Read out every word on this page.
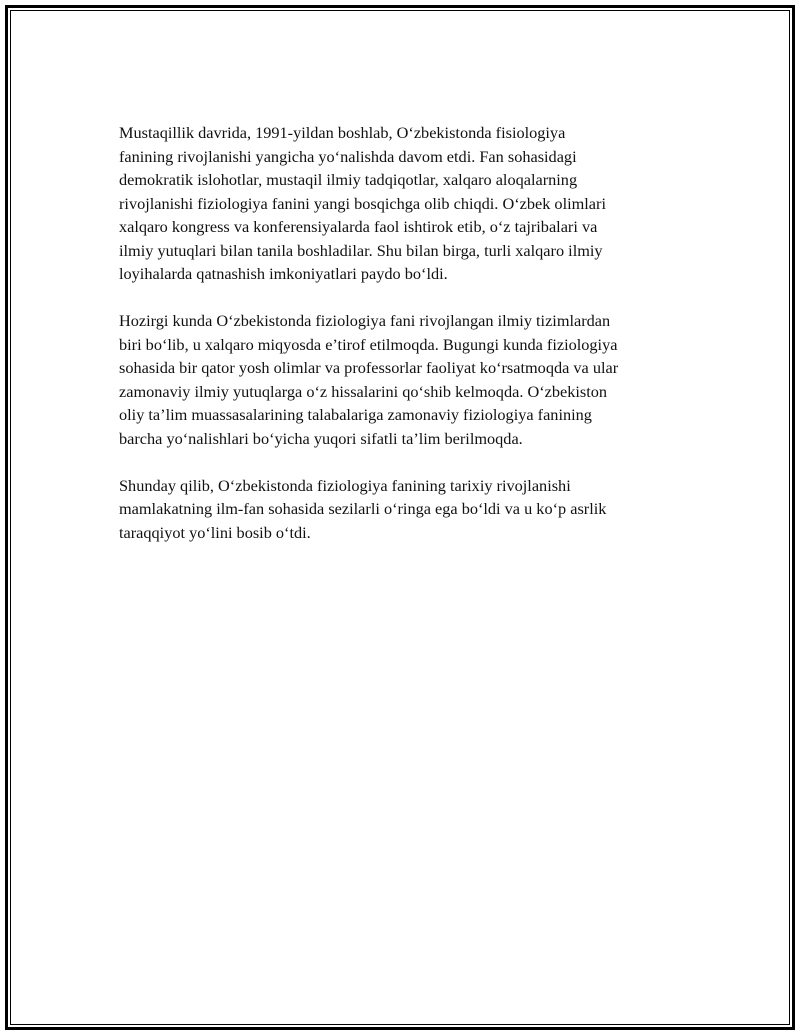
Mustaqillik davrida, 1991-yildan boshlab, O‘zbekistonda fisiologiya
fanining rivojlanishi yangicha yo‘nalishda davom etdi. Fan sohasidagi
demokratik islohotlar, mustaqil ilmiy tadqiqotlar, xalqaro aloqalarning
rivojlanishi fiziologiya fanini yangi bosqichga olib chiqdi. O‘zbek olimlari
xalqaro kongress va konferensiyalarda faol ishtirok etib, o‘z tajribalari va
ilmiy yutuqlari bilan tanila boshladilar. Shu bilan birga, turli xalqaro ilmiy
loyihalarda qatnashish imkoniyatlari paydo bo‘ldi.

Hozirgi kunda O‘zbekistonda fiziologiya fani rivojlangan ilmiy tizimlardan
biri bo‘lib, u xalqaro miqyosda e’tirof etilmoqda. Bugungi kunda fiziologiya
sohasida bir qator yosh olimlar va professorlar faoliyat ko‘rsatmoqda va ular
zamonaviy ilmiy yutuqlarga o‘z hissalarini qo‘shib kelmoqda. O‘zbekiston
oliy ta’lim muassasalarining talabalariga zamonaviy fiziologiya fanining
barcha yo‘nalishlari bo‘yicha yuqori sifatli ta’lim berilmoqda.

Shunday qilib, O‘zbekistonda fiziologiya fanining tarixiy rivojlanishi
mamlakatning ilm-fan sohasida sezilarli o‘ringa ega bo‘ldi va u ko‘p asrlik
taraqqiyot yo‘lini bosib o‘tdi.
